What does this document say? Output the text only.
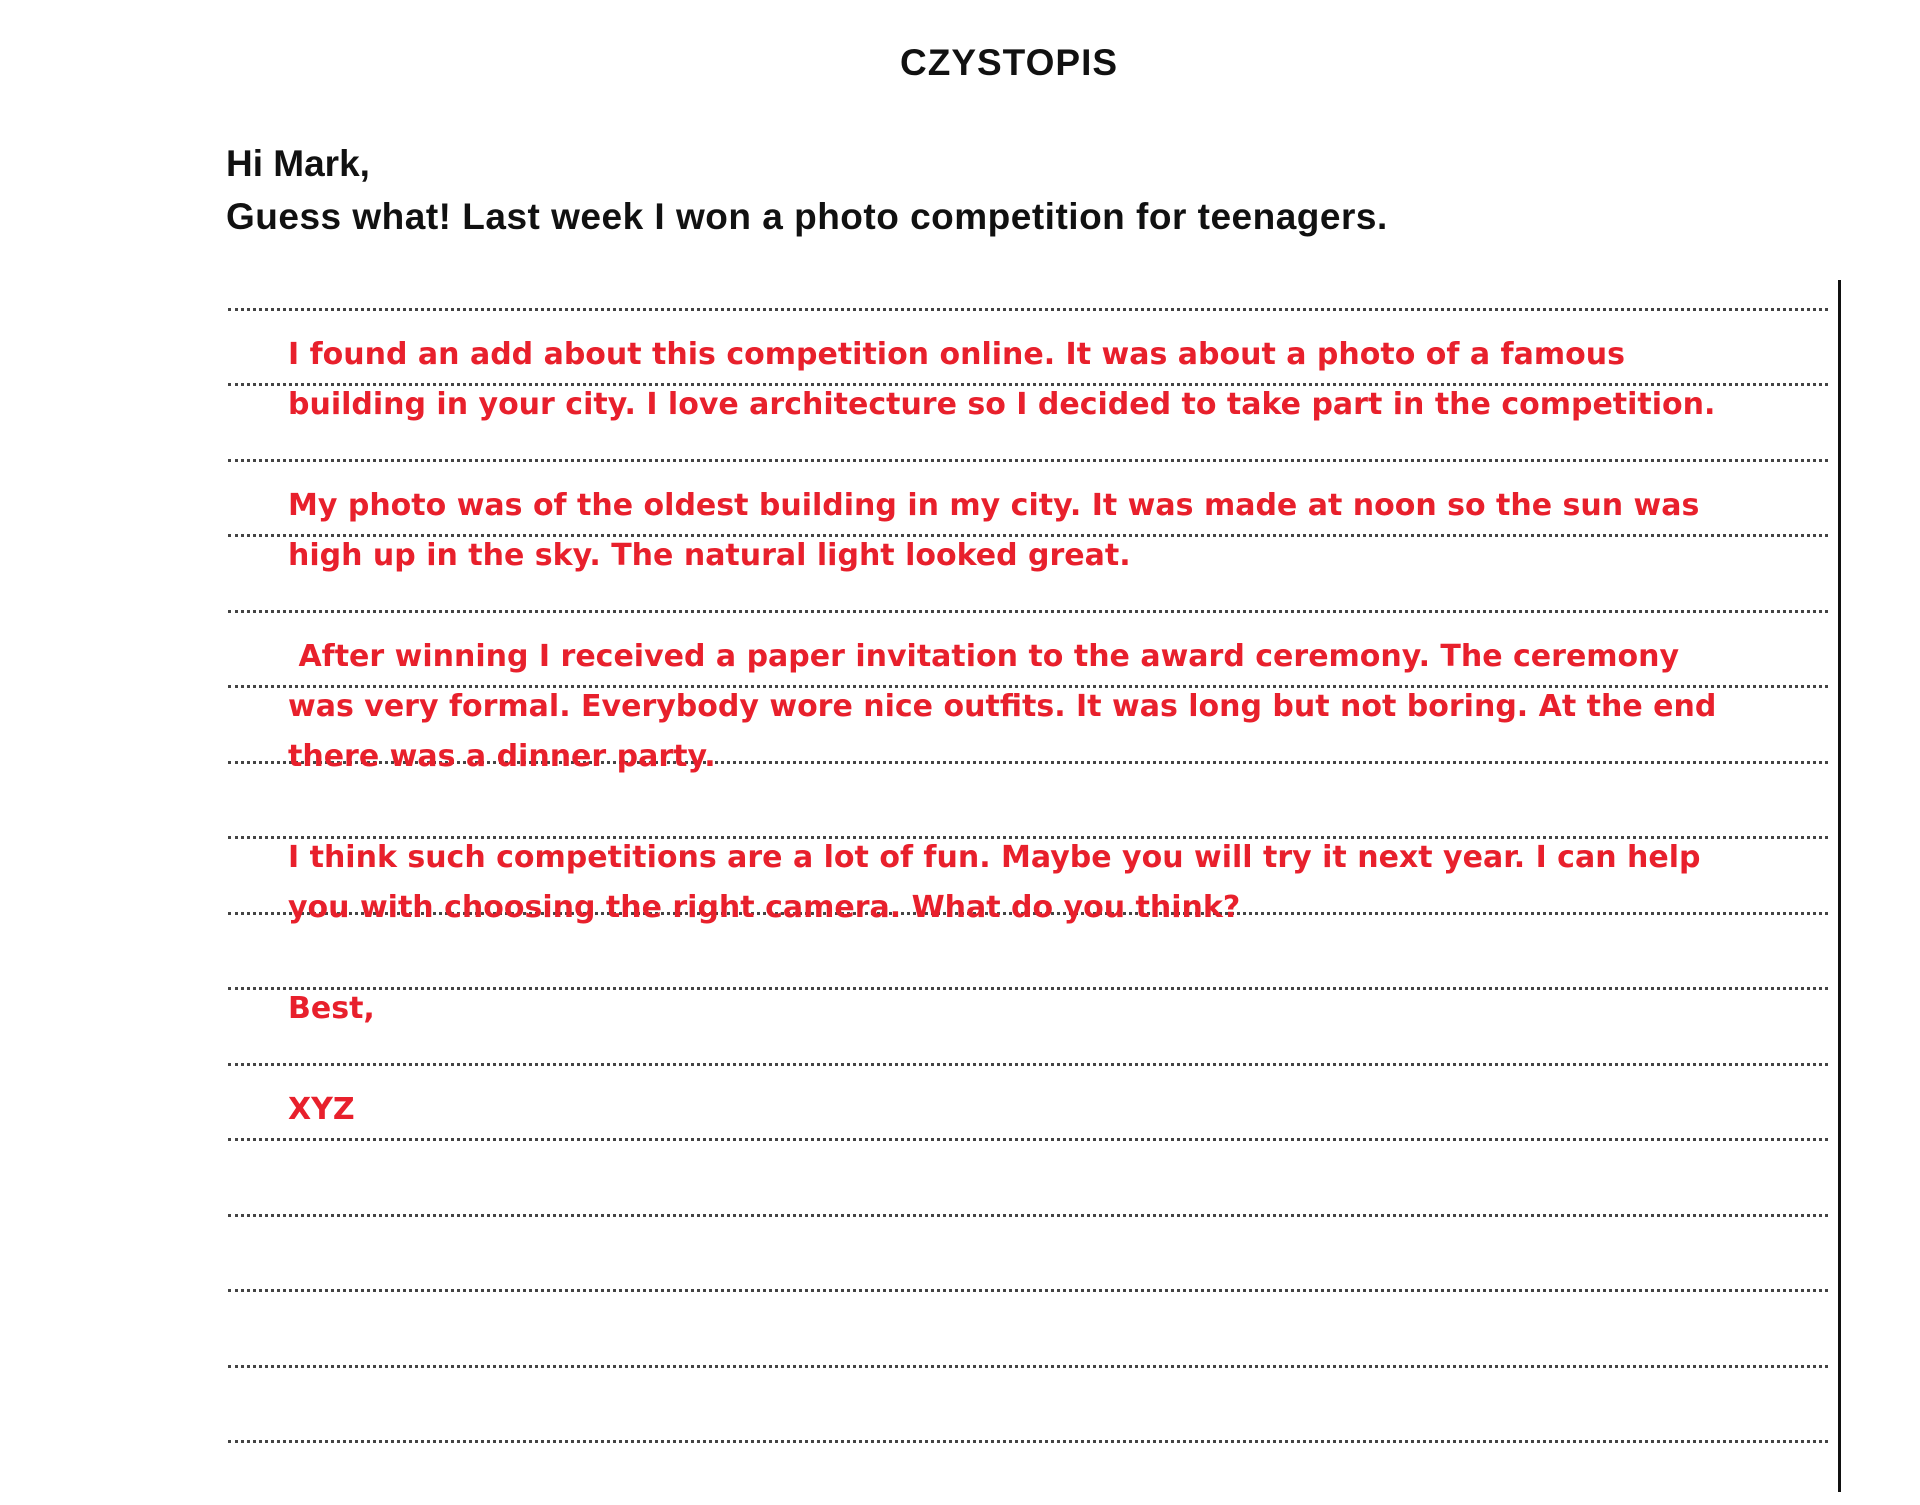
CZYSTOPIS
Hi Mark,
Guess what! Last week I won a photo competition for teenagers.
I found an add about this competition online. It was about a photo of a famous
building in your city. I love architecture so I decided to take part in the competition.
My photo was of the oldest building in my city. It was made at noon so the sun was
high up in the sky. The natural light looked great.
After winning I received a paper invitation to the award ceremony. The ceremony
was very formal. Everybody wore nice outfits. It was long but not boring. At the end
there was a dinner party.
I think such competitions are a lot of fun. Maybe you will try it next year. I can help
you with choosing the right camera. What do you think?
Best,
XYZ
